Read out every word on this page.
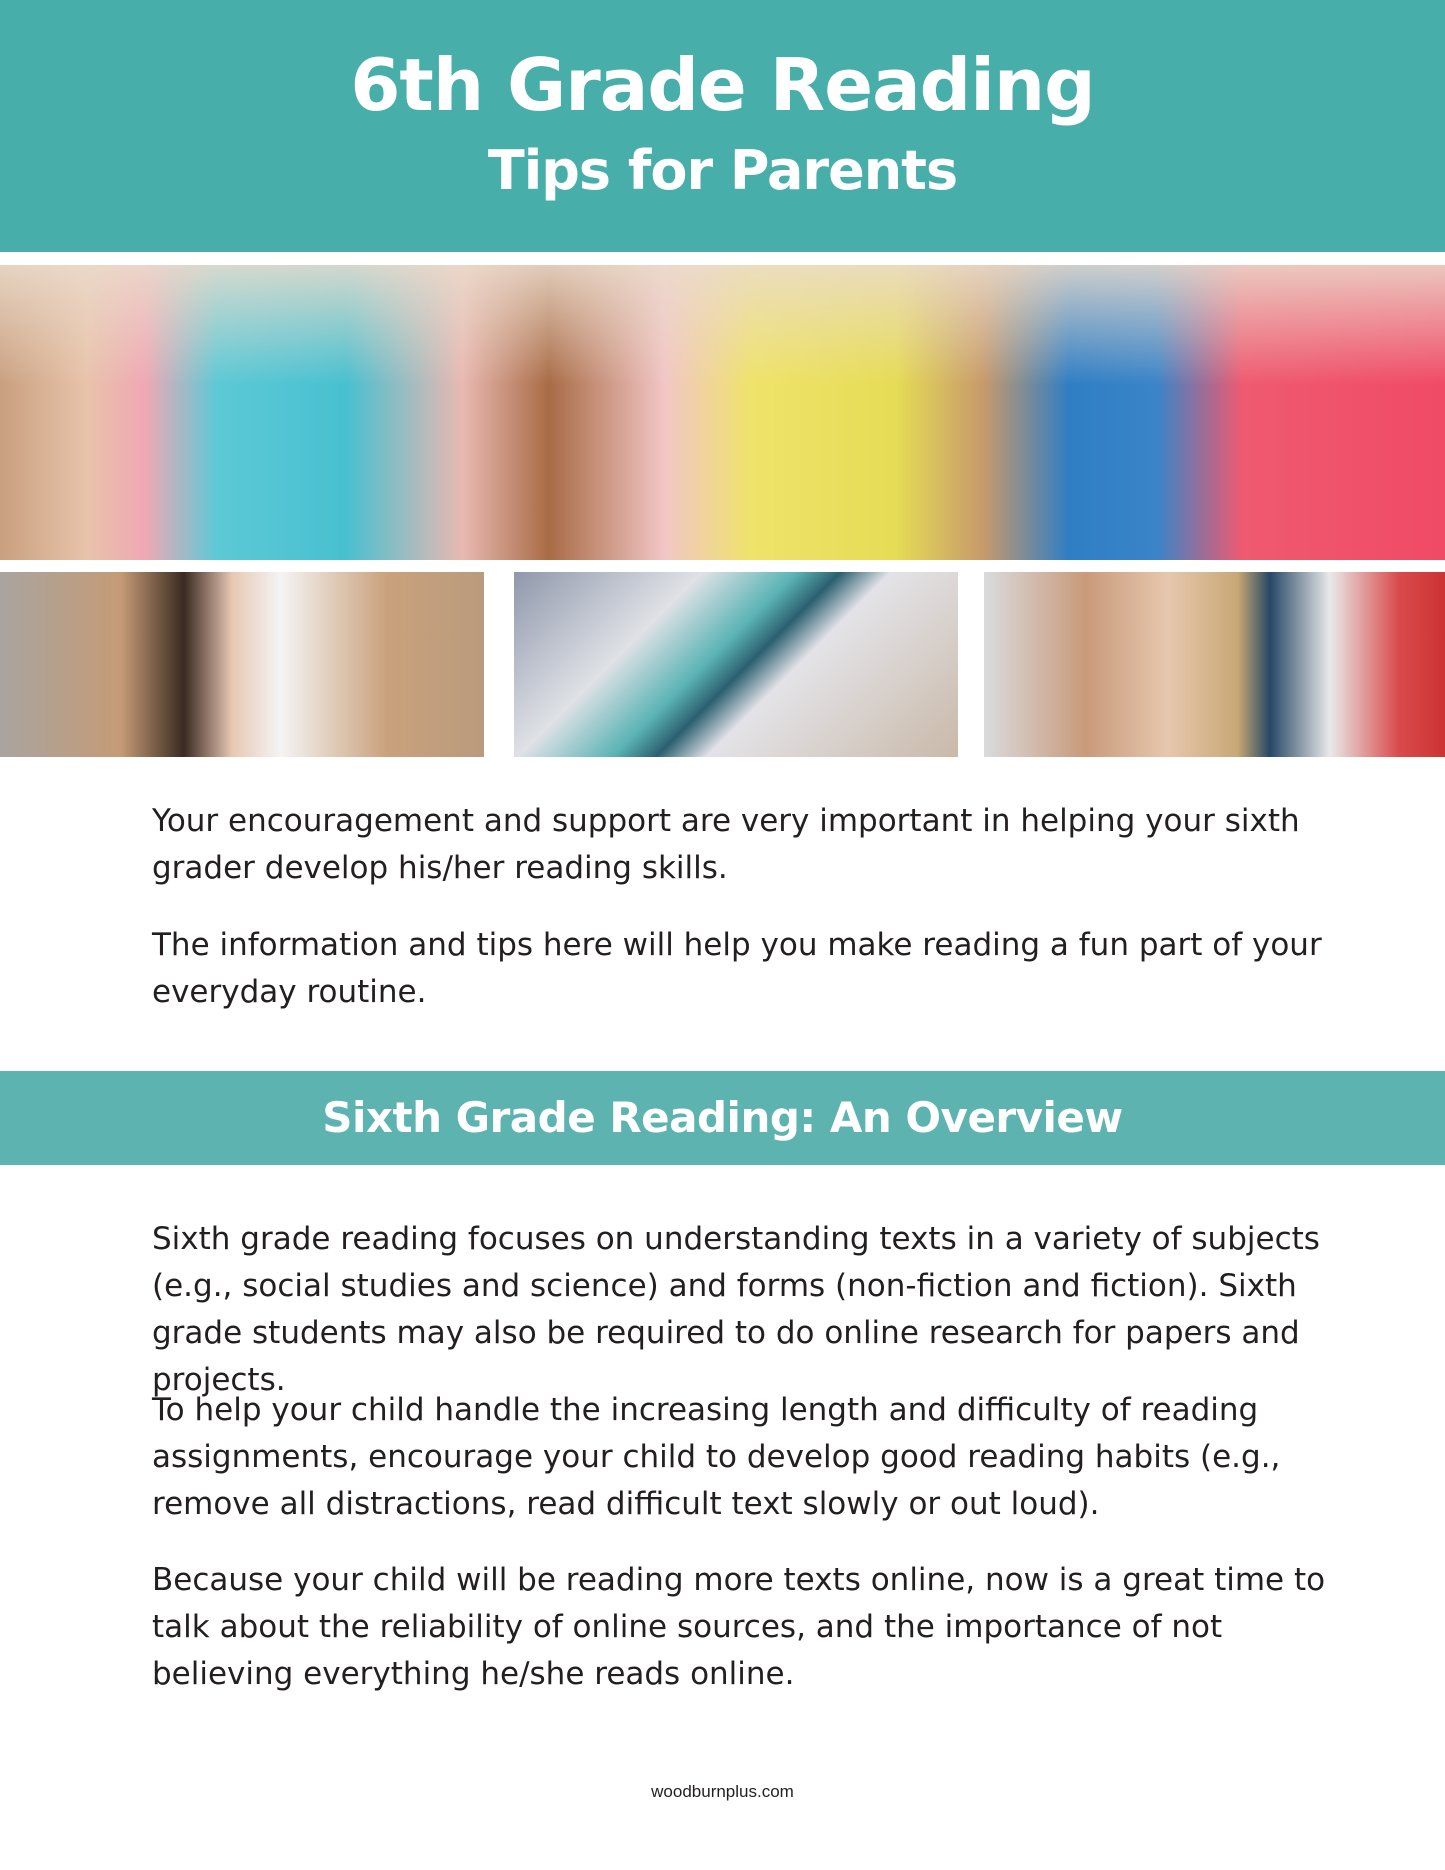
6th Grade Reading
Tips for Parents

Your encouragement and support are very important in helping your sixth grader develop his/her reading skills.

The information and tips here will help you make reading a fun part of your everyday routine.

Sixth Grade Reading: An Overview

Sixth grade reading focuses on understanding texts in a variety of subjects (e.g., social studies and science) and forms (non-fiction and fiction). Sixth grade students may also be required to do online research for papers and projects.

To help your child handle the increasing length and difficulty of reading assignments, encourage your child to develop good reading habits (e.g., remove all distractions, read difficult text slowly or out loud).

Because your child will be reading more texts online, now is a great time to talk about the reliability of online sources, and the importance of not believing everything he/she reads online.

woodburnplus.com
